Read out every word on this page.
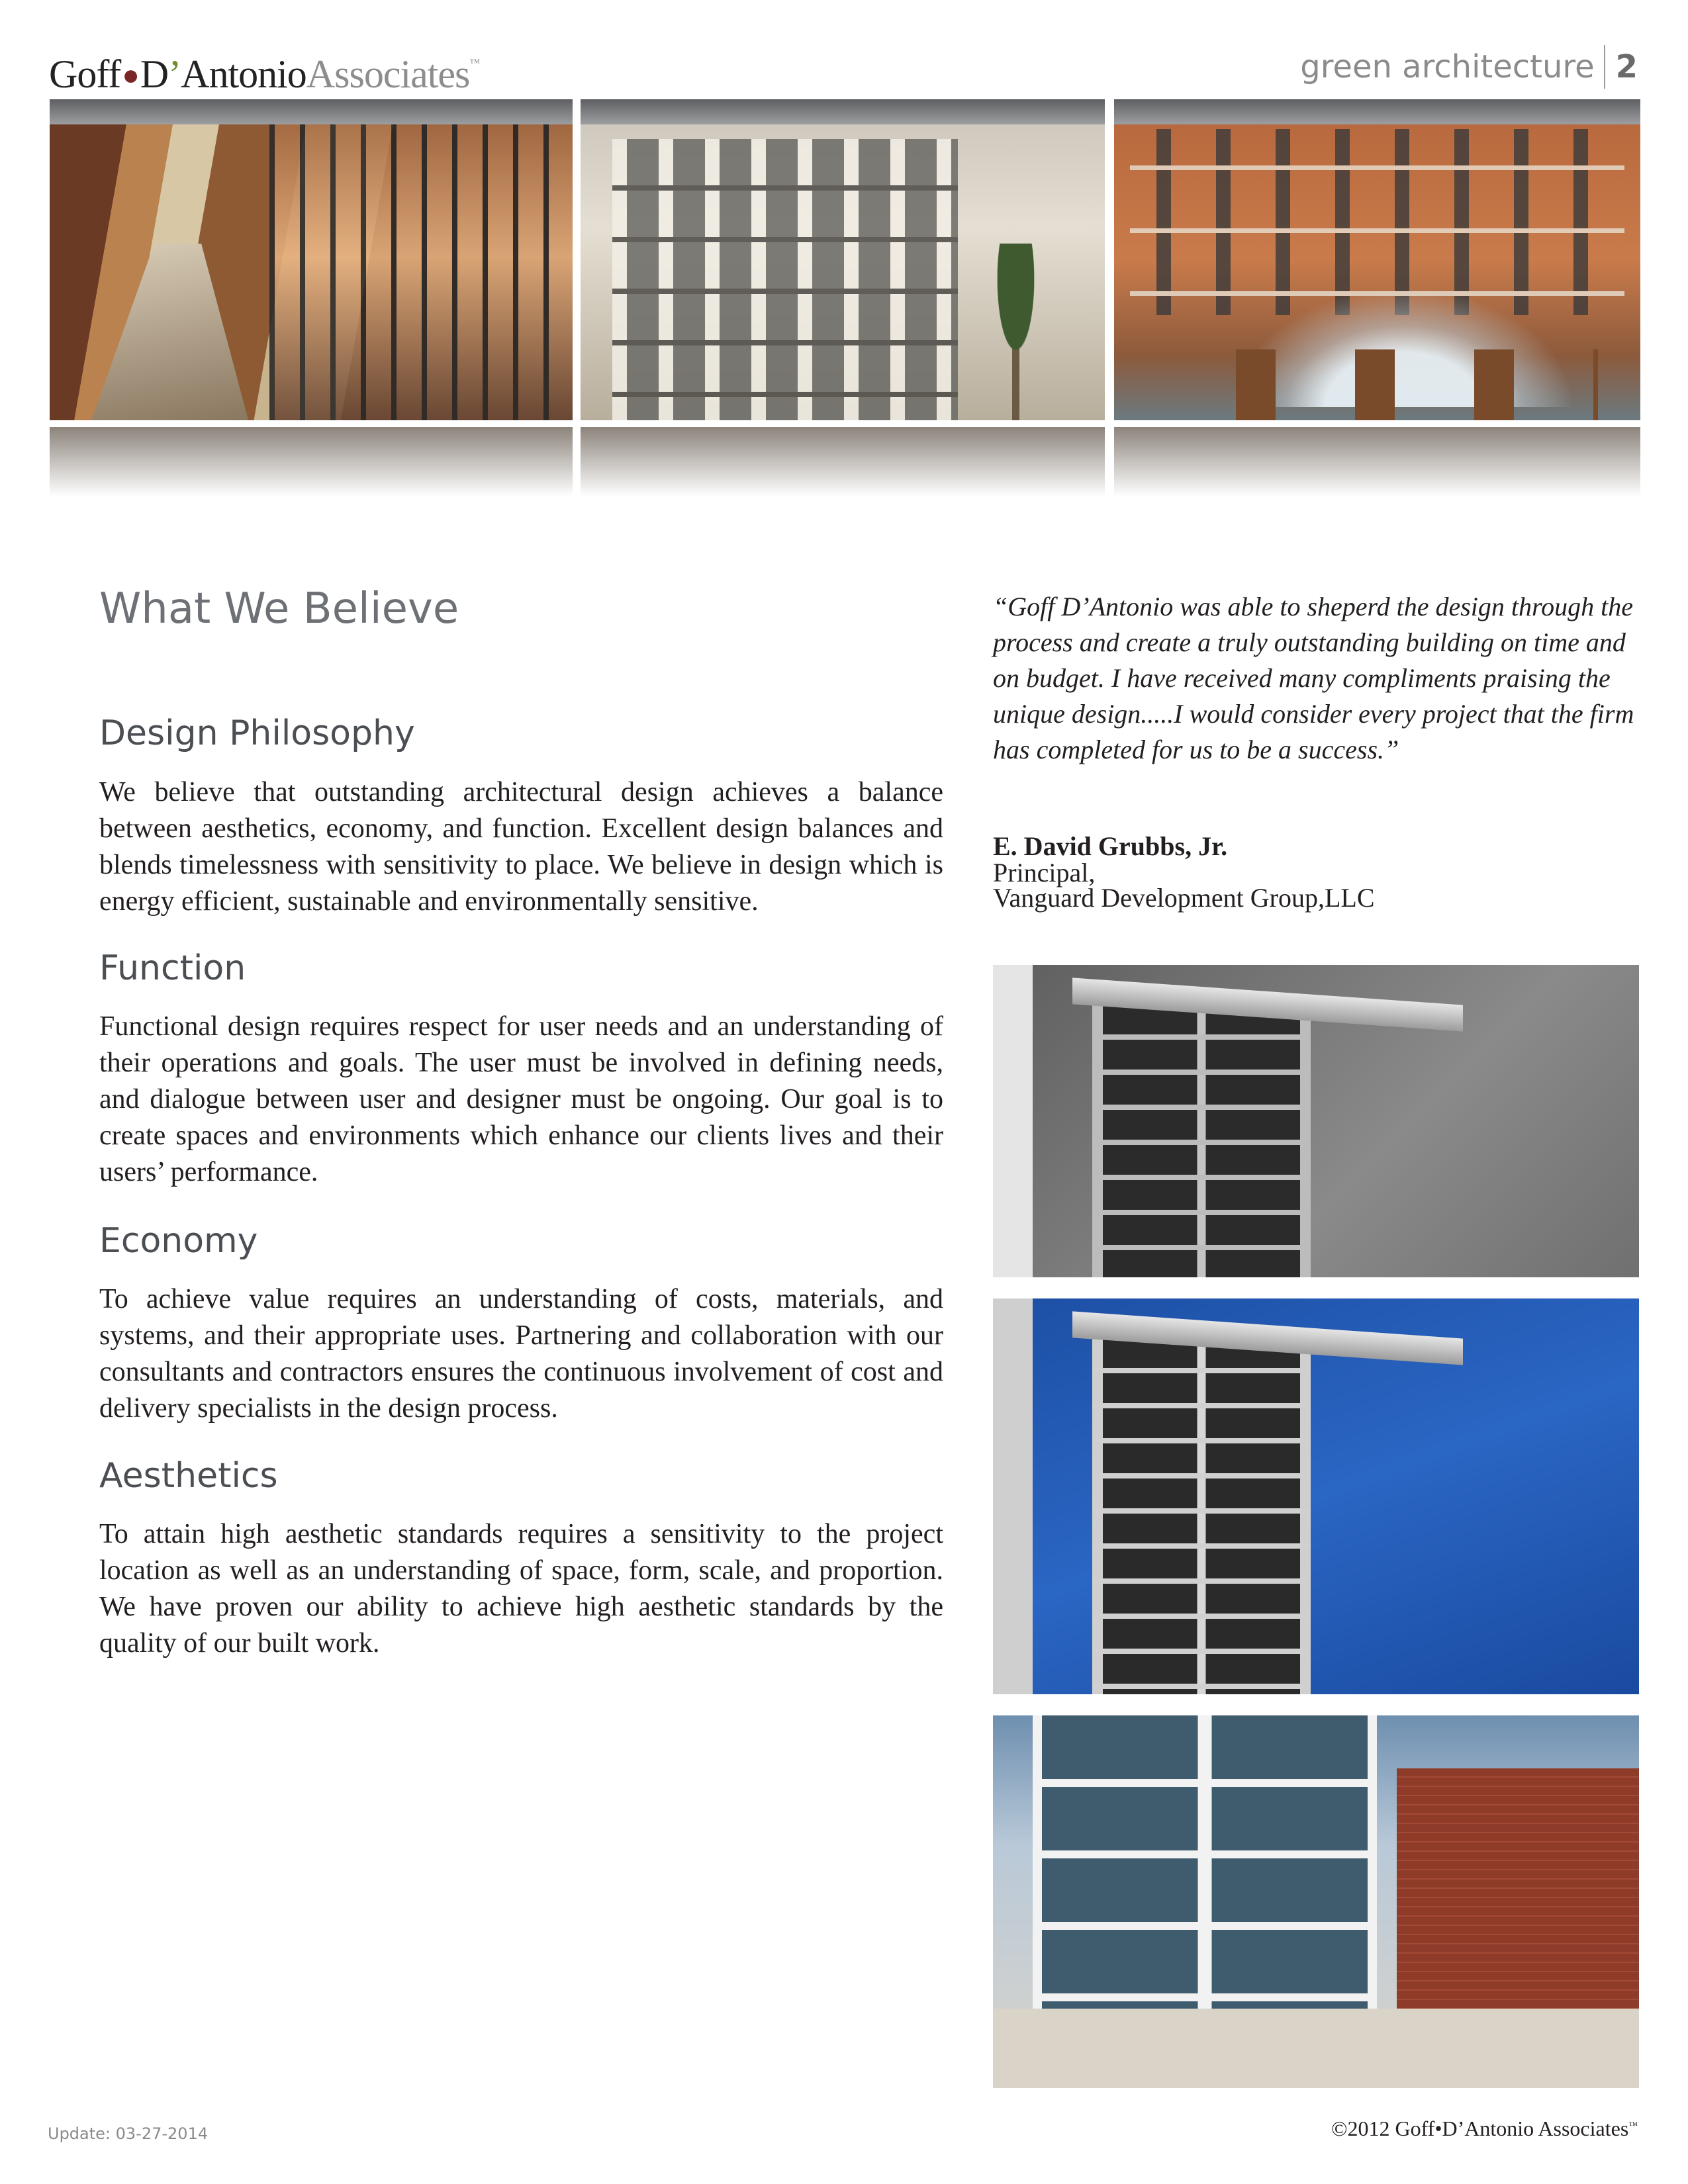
Goff●D’AntonioAssociates™	green architecture 2
What We Believe
Design Philosophy
We believe that outstanding architectural design achieves a balance between aesthetics, economy, and function. Excellent design balances and blends timelessness with sensitivity to place. We believe in design which is energy efficient, sustainable and environmentally sensitive.
Function
Functional design requires respect for user needs and an understanding of their operations and goals. The user must be involved in defining needs, and dialogue between user and designer must be ongoing. Our goal is to create spaces and environments which enhance our clients lives and their users’ performance.
Economy
To achieve value requires an understanding of costs, materials, and systems, and their appropriate uses. Partnering and collaboration with our consultants and contractors ensures the continuous involvement of cost and delivery specialists in the design process.
Aesthetics
To attain high aesthetic standards requires a sensitivity to the project location as well as an understanding of space, form, scale, and proportion. We have proven our ability to achieve high aesthetic standards by the quality of our built work.
“Goff D’Antonio was able to sheperd the design through the process and create a truly outstanding building on time and on budget. I have received many compliments praising the unique design.....I would consider every project that the firm has completed for us to be a success.”
E. David Grubbs, Jr.
Principal,
Vanguard Development Group,LLC
Update: 03-27-2014	©2012 Goff•D’Antonio Associates™
